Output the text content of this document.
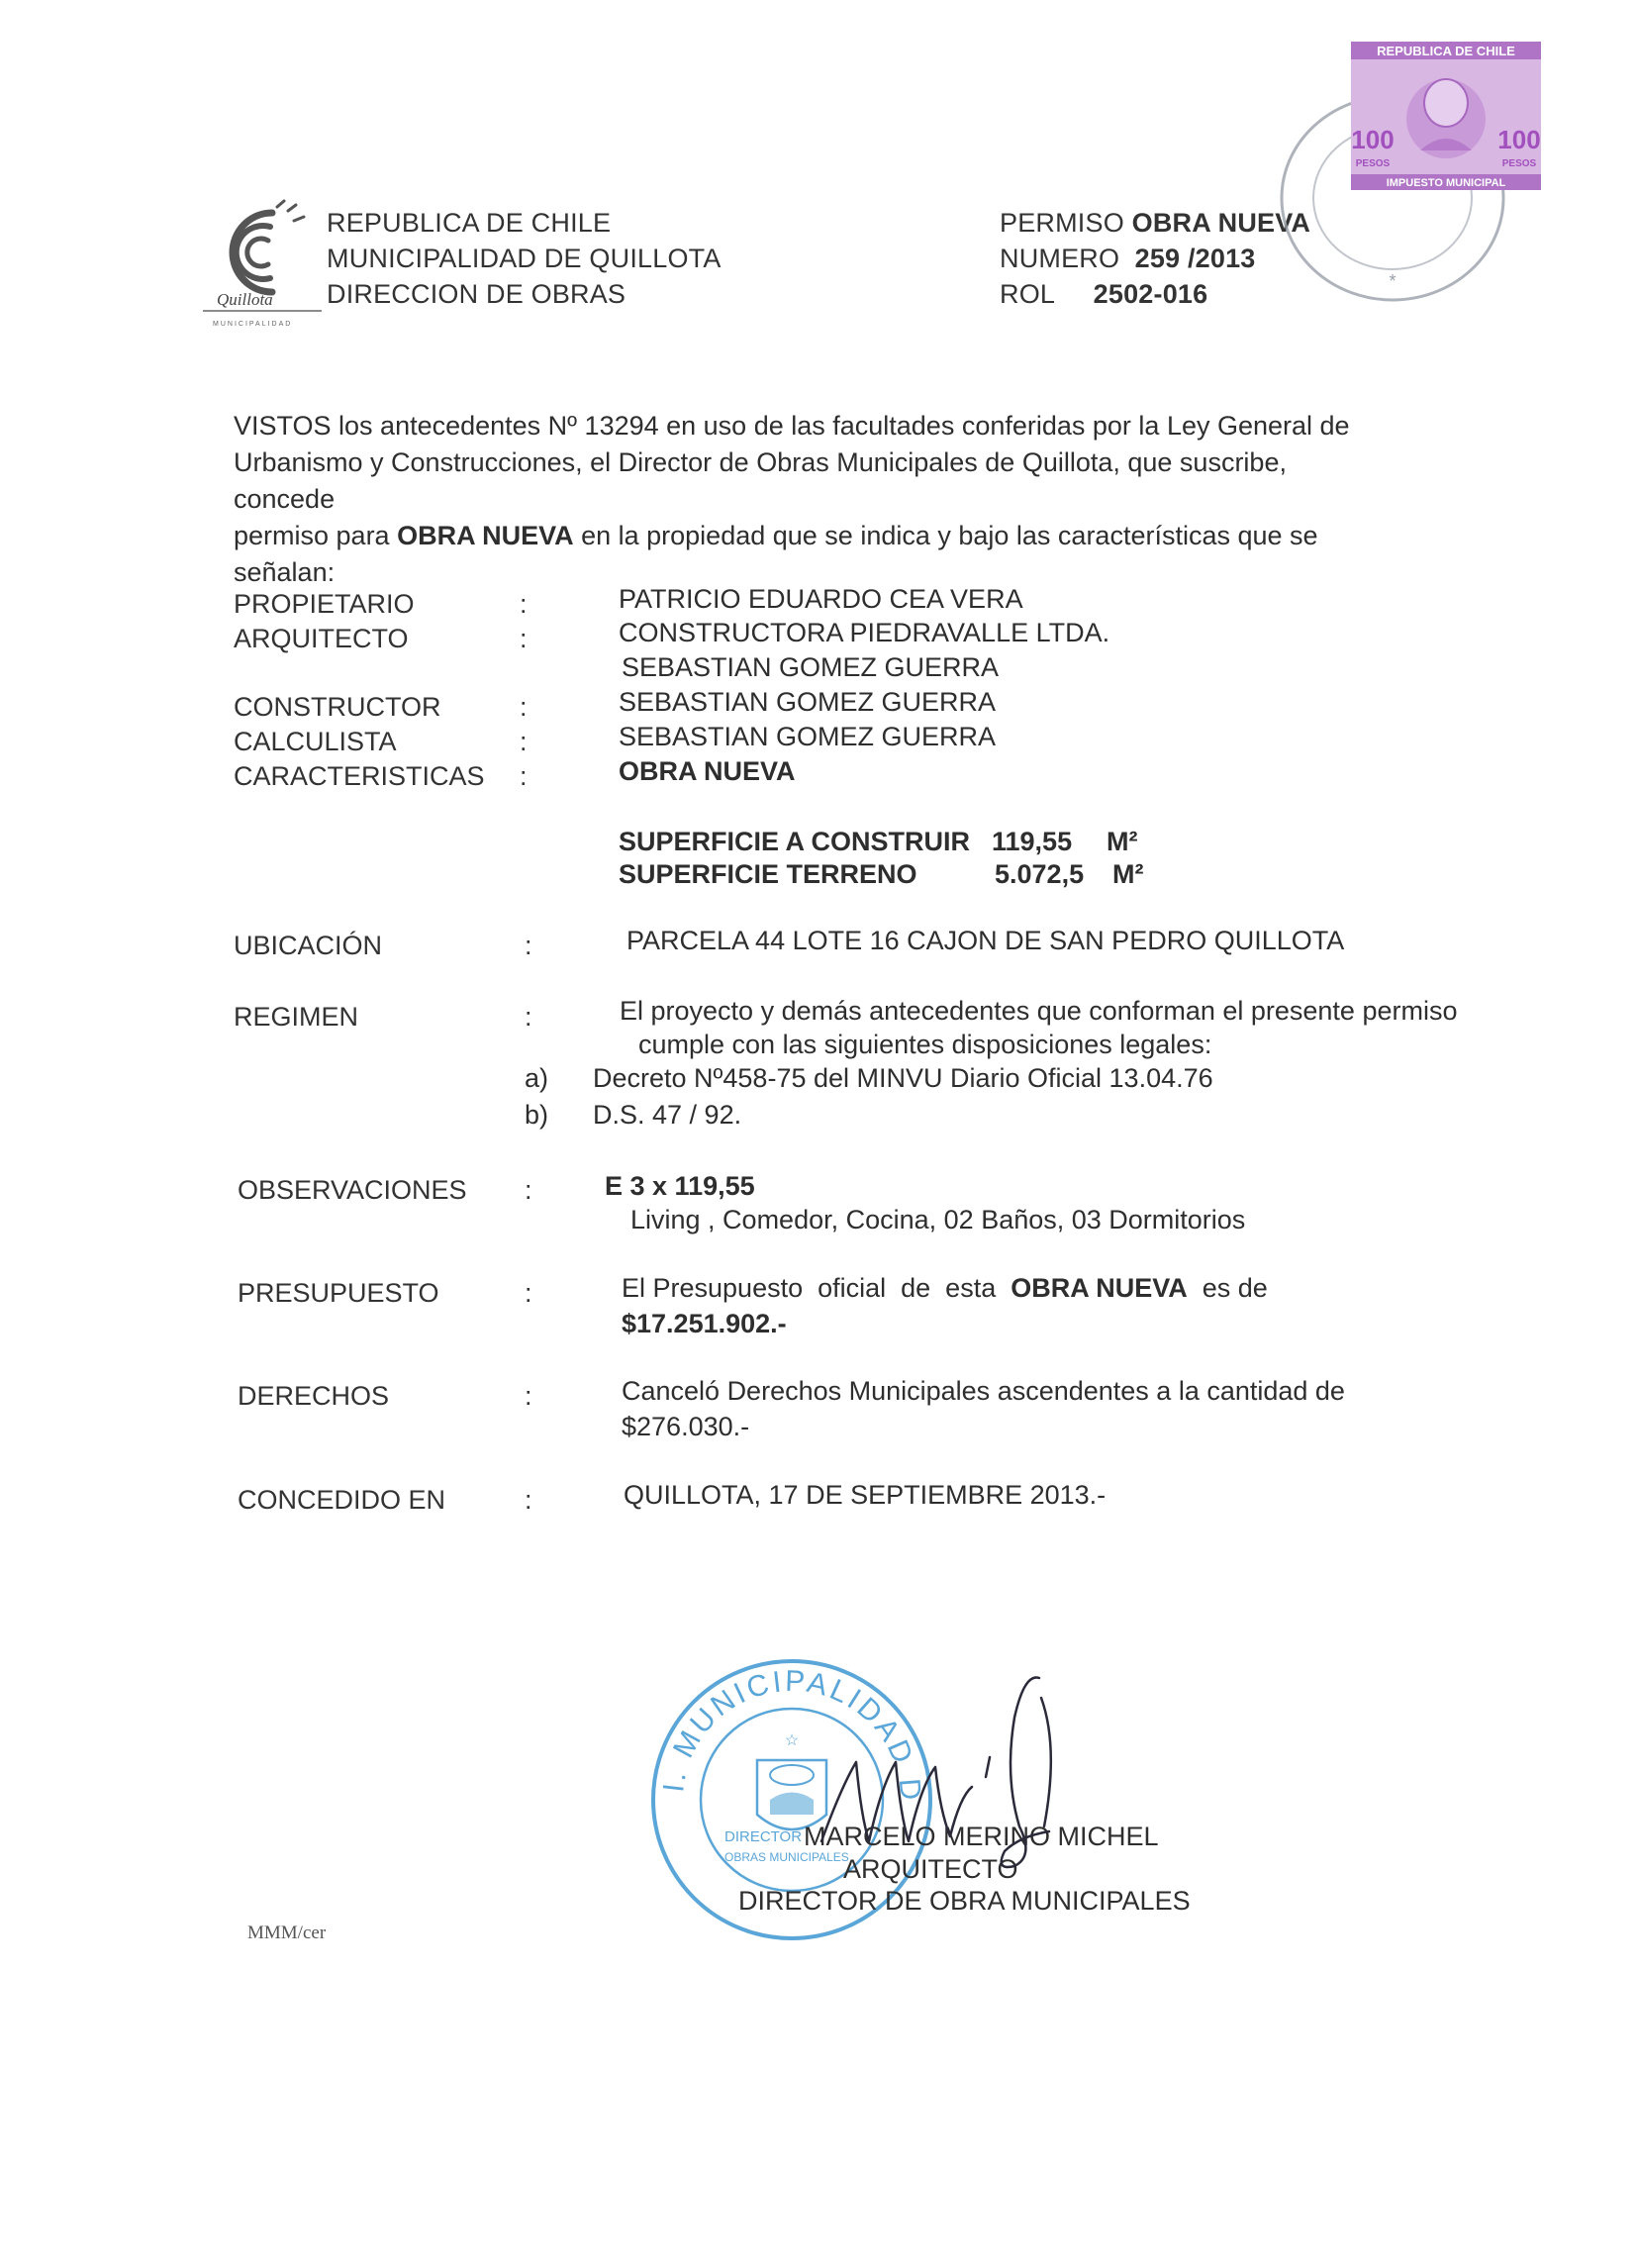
Quillota
MUNICIPALIDAD
REPUBLICA DE CHILE
MUNICIPALIDAD DE QUILLOTA
DIRECCION DE OBRAS
PERMISO OBRA NUEVA
NUMERO 259 /2013
ROL 2502-016	*
REPUBLICA DE CHILE
IMPUESTO MUNICIPAL
100	100
PESOS	PESOS
VISTOS los antecedentes Nº 13294 en uso de las facultades conferidas por la Ley General de
Urbanismo y Construcciones, el Director de Obras Municipales de Quillota, que suscribe, concede
permiso para OBRA NUEVA en la propiedad que se indica y bajo las características que se señalan:
PROPIETARIO	:	PATRICIO EDUARDO CEA VERA
ARQUITECTO	:	CONSTRUCTORA PIEDRAVALLE LTDA.
SEBASTIAN GOMEZ GUERRA
CONSTRUCTOR	:	SEBASTIAN GOMEZ GUERRA
CALCULISTA	:	SEBASTIAN GOMEZ GUERRA
CARACTERISTICAS :	OBRA NUEVA
SUPERFICIE A CONSTRUIR 119,55 M²
SUPERFICIE TERRENO	5.072,5 M²
UBICACIÓN	:	PARCELA 44 LOTE 16 CAJON DE SAN PEDRO QUILLOTA
REGIMEN	:	El proyecto y demás antecedentes que conforman el presente permiso
cumple con las siguientes disposiciones legales:
a) Decreto Nº458-75 del MINVU Diario Oficial 13.04.76
b) D.S. 47 / 92.
OBSERVACIONES :	E 3 x 119,55
Living , Comedor, Cocina, 02 Baños, 03 Dormitorios
PRESUPUESTO	:	El Presupuesto  oficial  de  esta  OBRA NUEVA  es de
$17.251.902.-
DERECHOS	:	Canceló Derechos Municipales ascendentes a la cantidad de
$276.030.-
CONCEDIDO EN	:	QUILLOTA, 17 DE SEPTIEMBRE 2013.-
I. MUNICIPALIDAD D
☆
DIRECTOR
OBRAS MUNICIPALES
MARCELO MERINO MICHEL
ARQUITECTO
DIRECTOR DE OBRA MUNICIPALES
MMM/cer
